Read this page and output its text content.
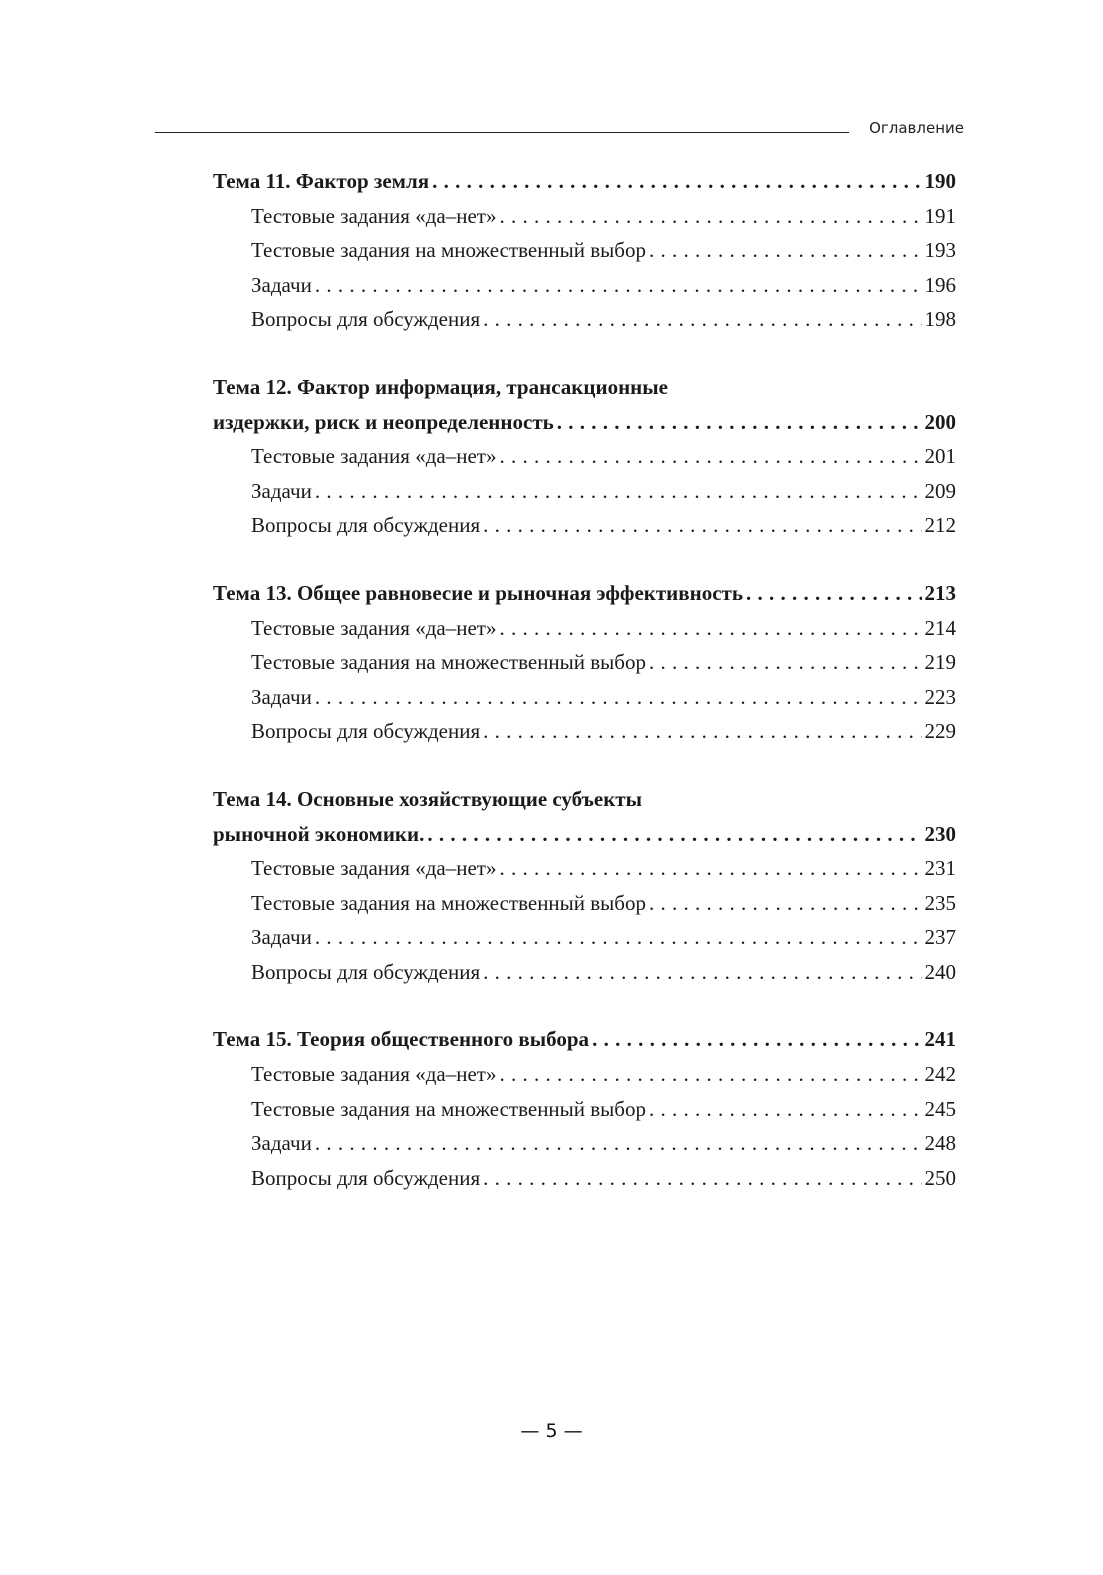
Оглавление
Тема 11. Фактор земля . . .	190
Тестовые задания «да–нет» . . .	191
Тестовые задания на множественный выбор . . .	193
Задачи . . .	196
Вопросы для обсуждения . . .	198
Тема 12. Фактор информация, трансакционные
издержки, риск и неопределенность . . .	200
Тестовые задания «да–нет» . . .	201
Задачи . . .	209
Вопросы для обсуждения . . .	212
Тема 13. Общее равновесие и рыночная эффективность . . .	213
Тестовые задания «да–нет» . . .	214
Тестовые задания на множественный выбор . . .	219
Задачи . . .	223
Вопросы для обсуждения . . .	229
Тема 14. Основные хозяйствующие субъекты
рыночной экономики. . . .	230
Тестовые задания «да–нет» . . .	231
Тестовые задания на множественный выбор . . .	235
Задачи . . .	237
Вопросы для обсуждения . . .	240
Тема 15. Теория общественного выбора . . .	241
Тестовые задания «да–нет» . . .	242
Тестовые задания на множественный выбор . . .	245
Задачи . . .	248
Вопросы для обсуждения . . .	250
— 5 —
